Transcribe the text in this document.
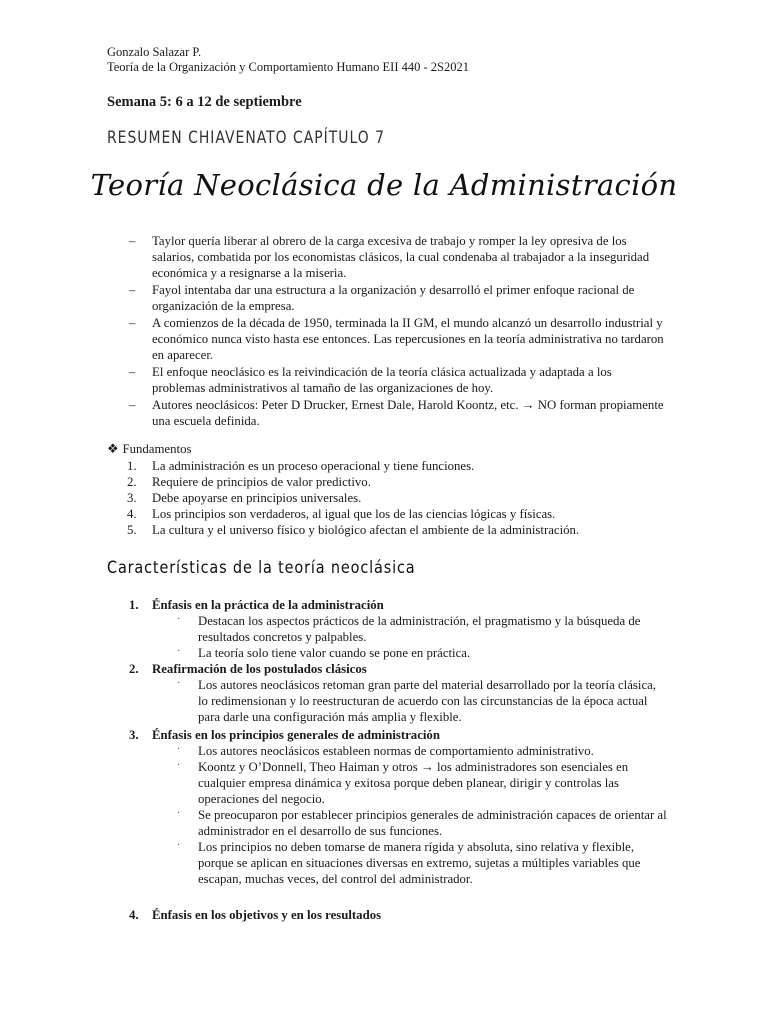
Gonzalo Salazar P.
Teoría de la Organización y Comportamiento Humano EII 440 - 2S2021
Semana 5: 6 a 12 de septiembre
RESUMEN CHIAVENATO CAPÍTULO 7
Teoría Neoclásica de la Administración
– Taylor quería liberar al obrero de la carga excesiva de trabajo y romper la ley opresiva de los salarios, combatida por los economistas clásicos, la cual condenaba al trabajador a la inseguridad económica y a resignarse a la miseria.
– Fayol intentaba dar una estructura a la organización y desarrolló el primer enfoque racional de organización de la empresa.
– A comienzos de la década de 1950, terminada la II GM, el mundo alcanzó un desarrollo industrial y económico nunca visto hasta ese entonces. Las repercusiones en la teoría administrativa no tardaron en aparecer.
– El enfoque neoclásico es la reivindicación de la teoría clásica actualizada y adaptada a los problemas administrativos al tamaño de las organizaciones de hoy.
– Autores neoclásicos: Peter D Drucker, Ernest Dale, Harold Koontz, etc. → NO forman propiamente una escuela definida.
❖ Fundamentos
1. La administración es un proceso operacional y tiene funciones.
2. Requiere de principios de valor predictivo.
3. Debe apoyarse en principios universales.
4. Los principios son verdaderos, al igual que los de las ciencias lógicas y físicas.
5. La cultura y el universo físico y biológico afectan el ambiente de la administración.
Características de la teoría neoclásica
1. Énfasis en la práctica de la administración
· Destacan los aspectos prácticos de la administración, el pragmatismo y la búsqueda de resultados concretos y palpables.
· La teoría solo tiene valor cuando se pone en práctica.
2. Reafirmación de los postulados clásicos
· Los autores neoclásicos retoman gran parte del material desarrollado por la teoría clásica, lo redimensionan y lo reestructuran de acuerdo con las circunstancias de la época actual para darle una configuración más amplia y flexible.
3. Énfasis en los principios generales de administración
· Los autores neoclásicos estableen normas de comportamiento administrativo.
· Koontz y O’Donnell, Theo Haiman y otros → los administradores son esenciales en cualquier empresa dinámica y exitosa porque deben planear, dirigir y controlas las operaciones del negocio.
· Se preocuparon por establecer principios generales de administración capaces de orientar al administrador en el desarrollo de sus funciones.
· Los principios no deben tomarse de manera rígida y absoluta, sino relativa y flexible, porque se aplican en situaciones diversas en extremo, sujetas a múltiples variables que escapan, muchas veces, del control del administrador.
4. Énfasis en los objetivos y en los resultados
